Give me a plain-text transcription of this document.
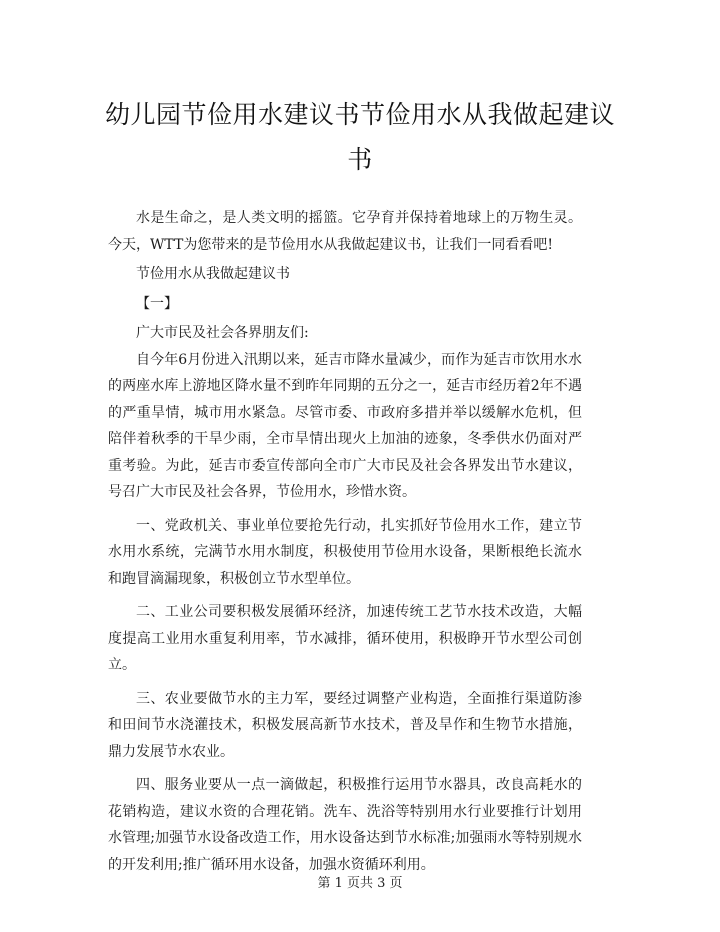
幼儿园节俭用水建议书节俭用水从我做起建议
书

水是生命之，是人类文明的摇篮。它孕育并保持着地球上的万物生灵。今天，WTT为您带来的是节俭用水从我做起建议书，让我们一同看看吧!

节俭用水从我做起建议书

【一】

广大市民及社会各界朋友们:

自今年6月份进入汛期以来，延吉市降水量减少，而作为延吉市饮用水水的两座水库上游地区降水量不到昨年同期的五分之一，延吉市经历着2年不遇的严重旱情，城市用水紧急。尽管市委、市政府多措并举以缓解水危机，但陪伴着秋季的干旱少雨，全市旱情出现火上加油的迹象，冬季供水仍面对严重考验。为此，延吉市委宣传部向全市广大市民及社会各界发出节水建议，号召广大市民及社会各界，节俭用水，珍惜水资。

一、党政机关、事业单位要抢先行动，扎实抓好节俭用水工作，建立节水用水系统，完满节水用水制度，积极使用节俭用水设备，果断根绝长流水和跑冒滴漏现象，积极创立节水型单位。

二、工业公司要积极发展循环经济，加速传统工艺节水技术改造，大幅度提高工业用水重复利用率，节水减排，循环使用，积极睁开节水型公司创立。

三、农业要做节水的主力军，要经过调整产业构造，全面推行渠道防渗和田间节水浇灌技术，积极发展高新节水技术，普及旱作和生物节水措施，鼎力发展节水农业。

四、服务业要从一点一滴做起，积极推行运用节水器具，改良高耗水的花销构造，建议水资的合理花销。洗车、洗浴等特别用水行业要推行计划用水管理;加强节水设备改造工作，用水设备达到节水标准;加强雨水等特别规水的开发利用;推广循环用水设备，加强水资循环利用。

第 1 页共 3 页
